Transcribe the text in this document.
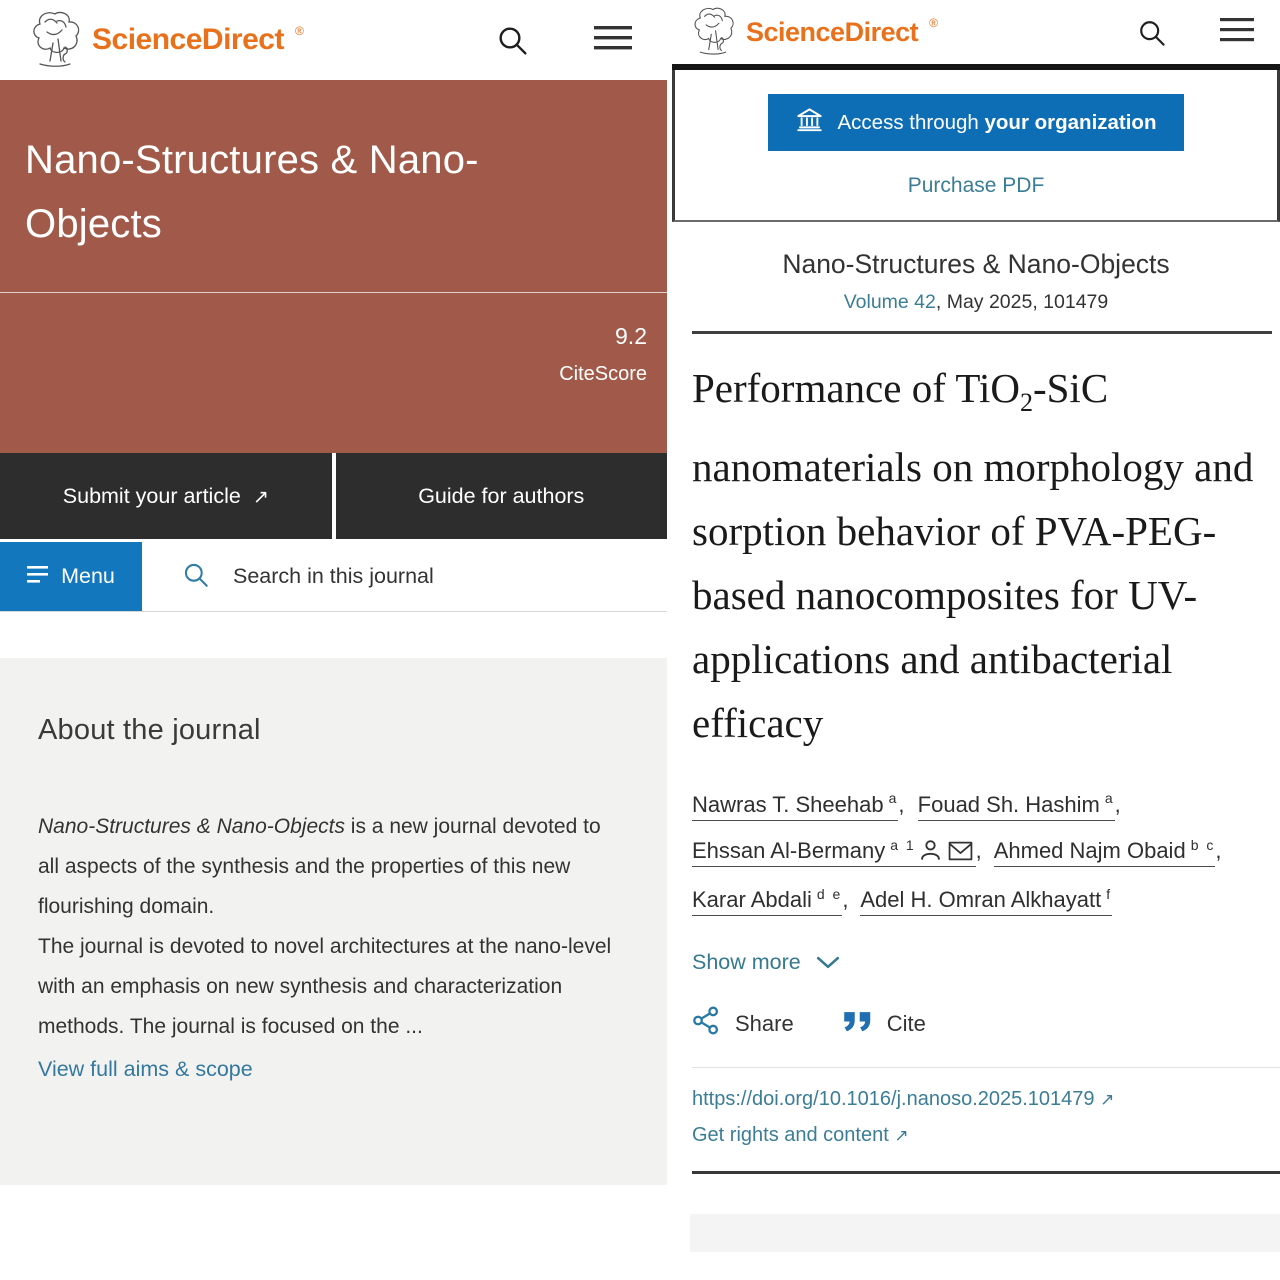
ScienceDirect ®
Nano-Structures & Nano-Objects
9.2
CiteScore
Submit your article ↗	Guide for authors
Menu
Search in this journal
About the journal

Nano-Structures & Nano-Objects is a new journal devoted to all aspects of the synthesis and the properties of this new flourishing domain.

The journal is devoted to novel architectures at the nano-level with an emphasis on new synthesis and characterization methods. The journal is focused on the ...

View full aims & scope
ScienceDirect ®
Access through your organization
Purchase PDF
Nano-Structures & Nano-Objects
Volume 42, May 2025, 101479
Performance of TiO$_2$-SiC nanomaterials on morphology and sorption behavior of PVA-PEG-based nanocomposites for UV-applications and antibacterial efficacy
Nawras T. Sheehab $^a$, Fouad Sh. Hashim $^a$, Ehssan Al-Bermany $^{a 1}$	, Ahmed Najm Obaid $^{b c}$, Karar Abdali $^{d e}$, Adel H. Omran Alkhayatt $^f$
Show more
Share	Cite
https://doi.org/10.1016/j.nanoso.2025.101479 ↗
Get rights and content ↗
